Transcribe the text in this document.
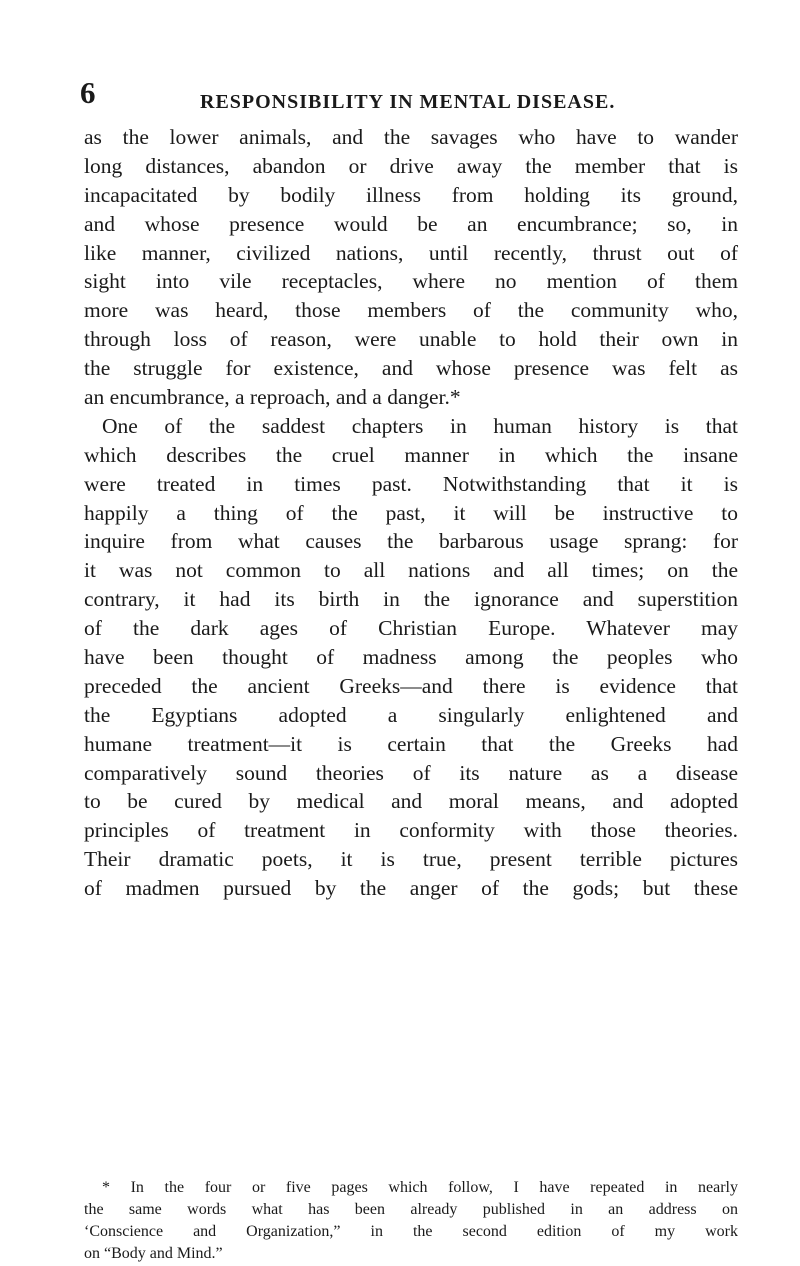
6	RESPONSIBILITY IN MENTAL DISEASE.
as the lower animals, and the savages who have to wander
long distances, abandon or drive away the member that is
incapacitated by bodily illness from holding its ground,
and whose presence would be an encumbrance; so, in
like manner, civilized nations, until recently, thrust out of
sight into vile receptacles, where no mention of them
more was heard, those members of the community who,
through loss of reason, were unable to hold their own in
the struggle for existence, and whose presence was felt as
an encumbrance, a reproach, and a danger.*
One of the saddest chapters in human history is that
which describes the cruel manner in which the insane
were treated in times past. Notwithstanding that it is
happily a thing of the past, it will be instructive to
inquire from what causes the barbarous usage sprang: for
it was not common to all nations and all times; on the
contrary, it had its birth in the ignorance and superstition
of the dark ages of Christian Europe. Whatever may
have been thought of madness among the peoples who
preceded the ancient Greeks—and there is evidence that
the Egyptians adopted a singularly enlightened and
humane treatment—it is certain that the Greeks had
comparatively sound theories of its nature as a disease
to be cured by medical and moral means, and adopted
principles of treatment in conformity with those theories.
Their dramatic poets, it is true, present terrible pictures
of madmen pursued by the anger of the gods; but these
* In the four or five pages which follow, I have repeated in nearly
the same words what has been already published in an address on
‘Conscience and Organization,” in the second edition of my work
on “Body and Mind.”
